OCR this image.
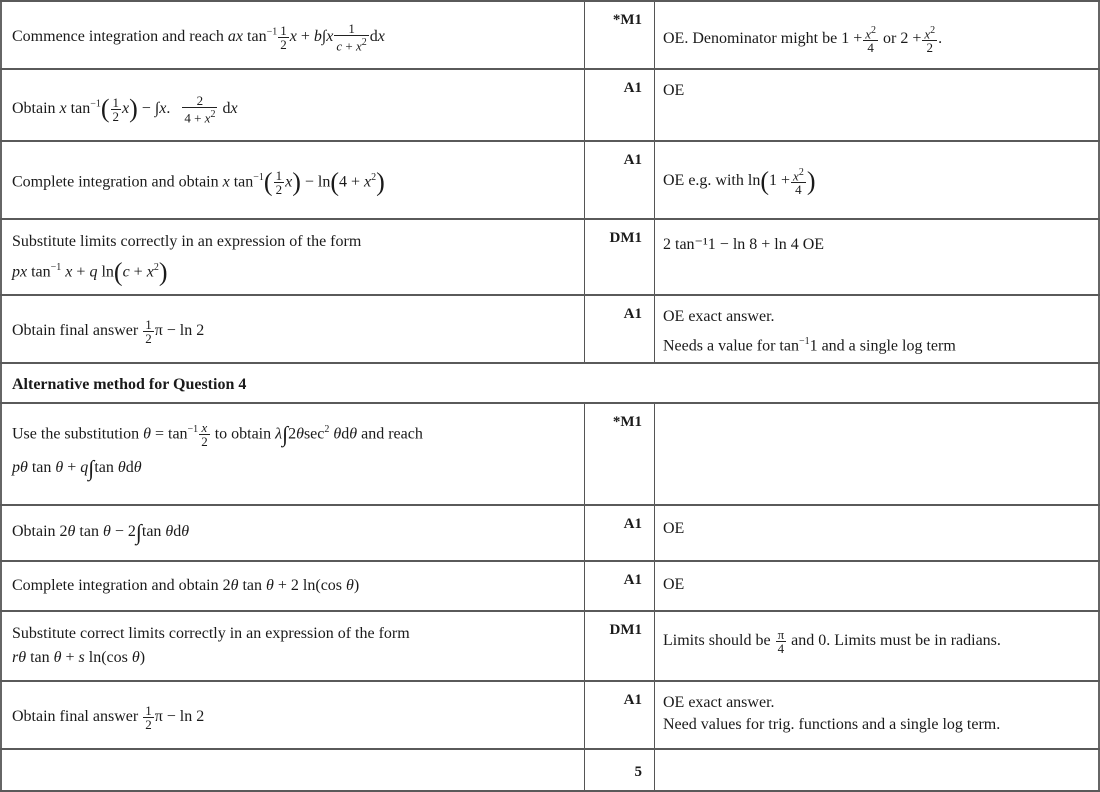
Commence integration and reach ax $\tan^{-1} \frac{1}{2}$ $x + b\int x \frac{1}{c + x^2}$ dx
*M1
OE. Denominator might be $1 + \frac{x^2}{4}$ or $2 + \frac{x^2}{2}$ .
Obtain x $\tan^{-1}( \frac{1}{2} x) - \int x$. $\frac{2}{4 + x^2}$ dx
A1 OE
Complete integration and obtain x $\tan^{-1}( \frac{1}{2} x) - \ln(4 + x^2)$
A1
OE e.g. with $\ln(1 + \frac{x^2}{4}$ )
Substitute limits correctly in an expression of the form
px $\tan^{-1} x + q$ $\ln(c + x^2)$
DM1 2 tan⁻¹1 − ln 8 + ln 4 OE
Obtain final answer $\frac{1}{2}$ π − ln 2
A1 OE exact answer.
Needs a value for $\tan^{-1}1$ and a single log term
Alternative method for Question 4
Use the substitution $\theta = \tan^{-1} \frac{x}{2}$ to obtain λ∫2θsec$^2$ θdθ and reach
pθ tan θ + q∫tan θdθ
*M1
Obtain 2θ tan θ − 2∫tan θdθ	A1 OE
Complete integration and obtain 2θ tan θ + 2 ln(cos θ)	A1 OE
Substitute correct limits correctly in an expression of the form
rθ tan θ + s ln(cos θ)
DM1
Limits should be $\frac{\pi}{4}$ and 0. Limits must be in radians.
Obtain final answer $\frac{1}{2}$ π − ln 2
A1 OE exact answer.
Need values for trig. functions and a single log term.
5
